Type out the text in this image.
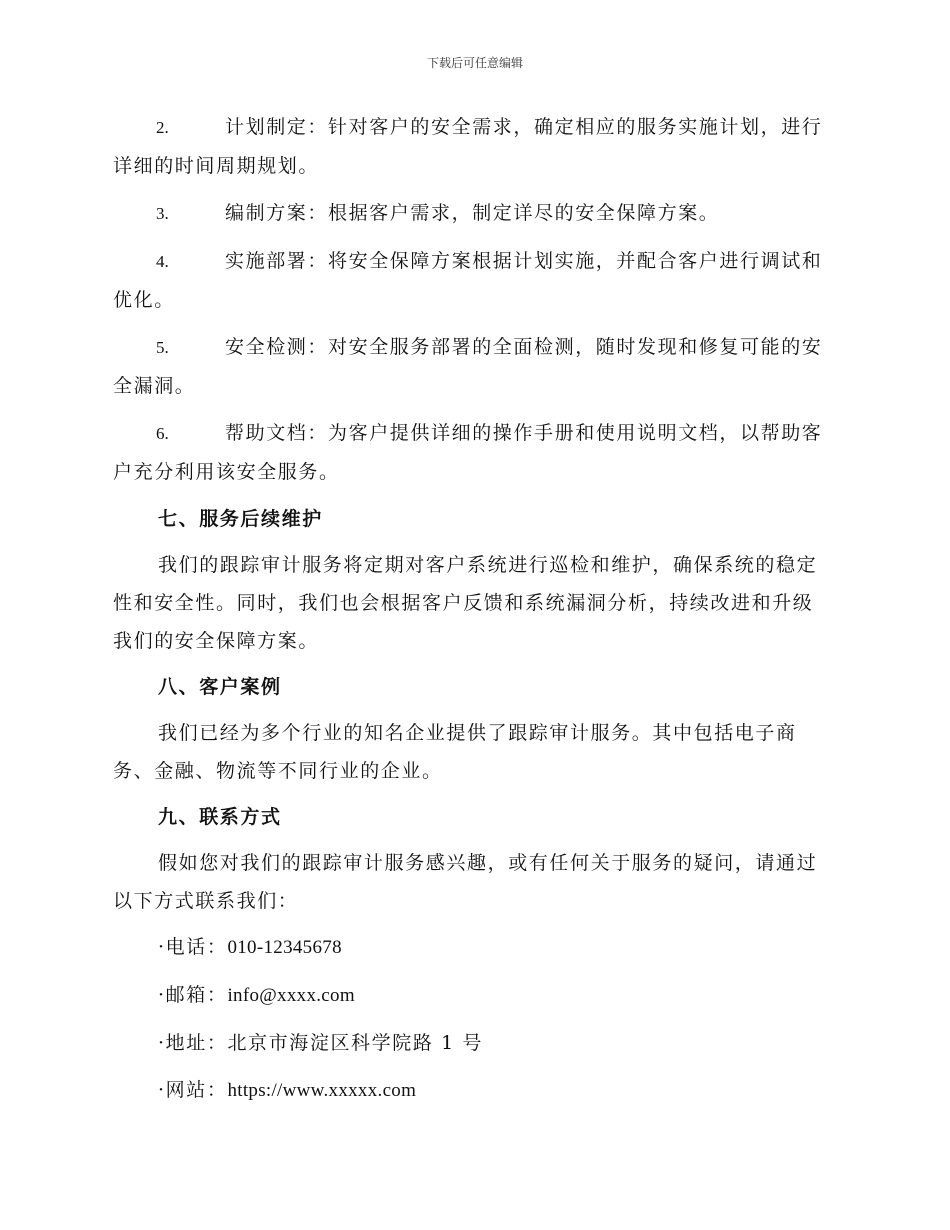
下载后可任意编辑
2.	计划制定：针对客户的安全需求，确定相应的服务实施计划，进行详细的时间周期规划。
3.	编制方案：根据客户需求，制定详尽的安全保障方案。
4.	实施部署：将安全保障方案根据计划实施，并配合客户进行调试和优化。
5.	安全检测：对安全服务部署的全面检测，随时发现和修复可能的安全漏洞。
6.	帮助文档：为客户提供详细的操作手册和使用说明文档，以帮助客户充分利用该安全服务。
七、服务后续维护

我们的跟踪审计服务将定期对客户系统进行巡检和维护，确保系统的稳定性和安全性。同时，我们也会根据客户反馈和系统漏洞分析，持续改进和升级我们的安全保障方案。

八、客户案例

我们已经为多个行业的知名企业提供了跟踪审计服务。其中包括电子商务、金融、物流等不同行业的企业。

九、联系方式

假如您对我们的跟踪审计服务感兴趣，或有任何关于服务的疑问，请通过以下方式联系我们：

·电话：010-12345678
·邮箱：info@xxxx.com
·地址：北京市海淀区科学院路 1 号
·网站：https://www.xxxxx.com
